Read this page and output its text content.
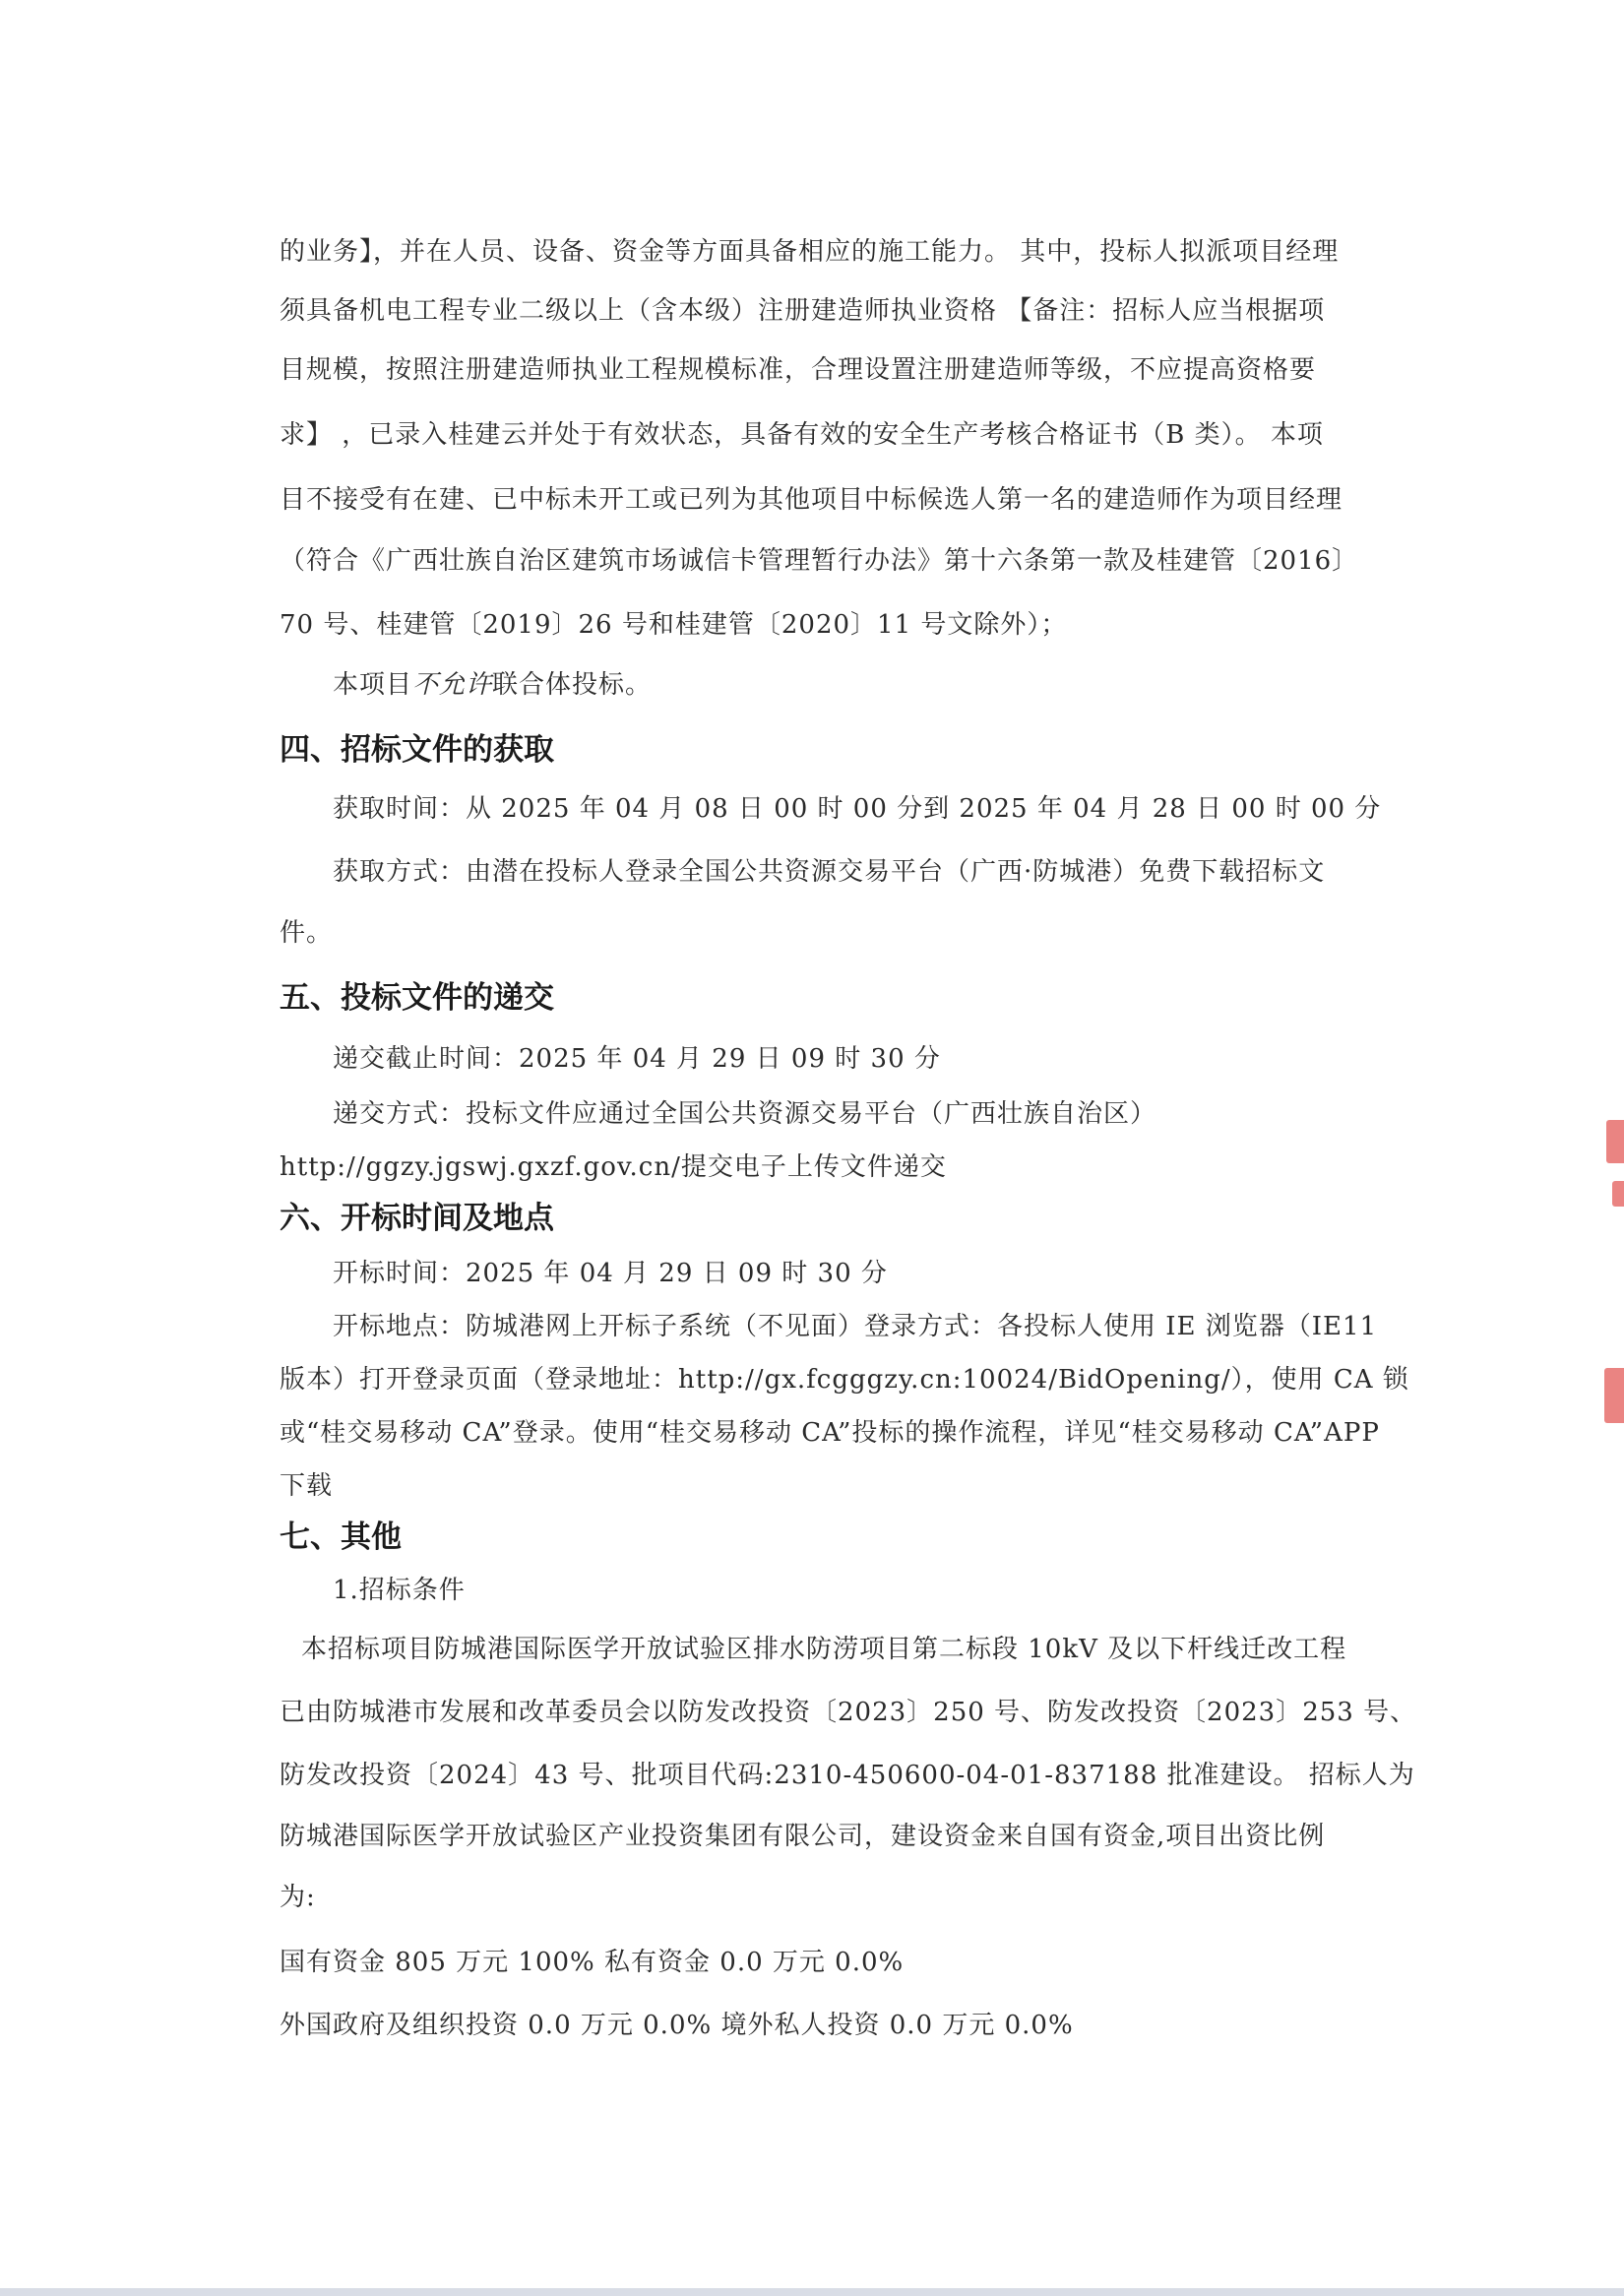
的业务】，并在人员、设备、资金等方面具备相应的施工能力。 其中，投标人拟派项目经理
须具备机电工程专业二级以上（含本级）注册建造师执业资格 【备注：招标人应当根据项
目规模，按照注册建造师执业工程规模标准，合理设置注册建造师等级，不应提高资格要
求】 ，已录入桂建云并处于有效状态，具备有效的安全生产考核合格证书（B 类）。 本项
目不接受有在建、已中标未开工或已列为其他项目中标候选人第一名的建造师作为项目经理
（符合《广西壮族自治区建筑市场诚信卡管理暂行办法》第十六条第一款及桂建管〔2016〕
70 号、桂建管〔2019〕26 号和桂建管〔2020〕11 号文除外）；
本项目不允许联合体投标。
四、招标文件的获取
获取时间：从 2025 年 04 月 08 日 00 时 00 分到 2025 年 04 月 28 日 00 时 00 分
获取方式：由潜在投标人登录全国公共资源交易平台（广西·防城港）免费下载招标文
件。
五、投标文件的递交
递交截止时间：2025 年 04 月 29 日 09 时 30 分
递交方式：投标文件应通过全国公共资源交易平台（广西壮族自治区）
http://ggzy.jgswj.gxzf.gov.cn/提交电子上传文件递交
六、开标时间及地点
开标时间：2025 年 04 月 29 日 09 时 30 分
开标地点：防城港网上开标子系统（不见面）登录方式：各投标人使用 IE 浏览器（IE11
版本）打开登录页面（登录地址：http://gx.fcgggzy.cn:10024/BidOpening/），使用 CA 锁
或“桂交易移动 CA”登录。使用“桂交易移动 CA”投标的操作流程，详见“桂交易移动 CA”APP
下载
七、其他
1.招标条件
本招标项目防城港国际医学开放试验区排水防涝项目第二标段 10kV 及以下杆线迁改工程
已由防城港市发展和改革委员会以防发改投资〔2023〕250 号、防发改投资〔2023〕253 号、
防发改投资〔2024〕43 号、批项目代码:2310-450600-04-01-837188 批准建设。 招标人为
防城港国际医学开放试验区产业投资集团有限公司，建设资金来自国有资金,项目出资比例
为:
国有资金 805 万元 100% 私有资金 0.0 万元 0.0%
外国政府及组织投资 0.0 万元 0.0% 境外私人投资 0.0 万元 0.0%
